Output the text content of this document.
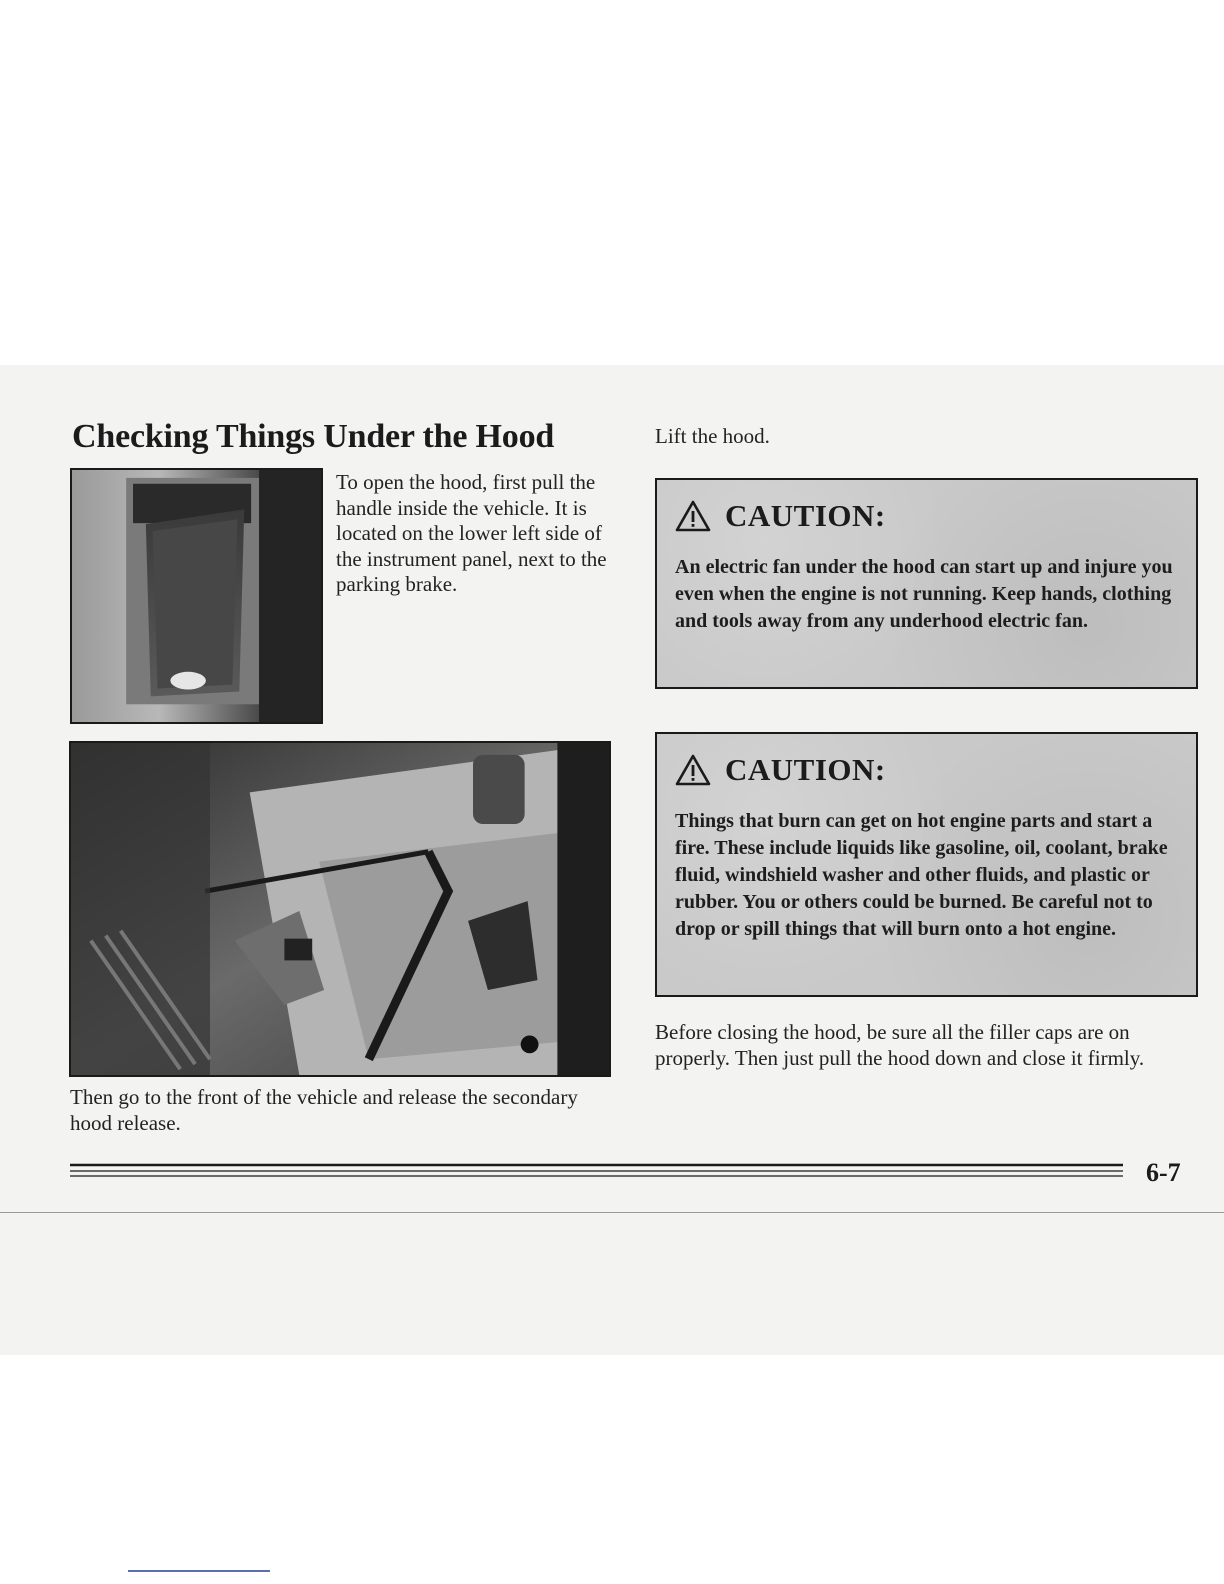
Checking Things Under the Hood
To open the hood, first pull the handle inside the vehicle. It is located on the lower left side of the instrument panel, next to the parking brake.
Then go to the front of the vehicle and release the secondary hood release.
Lift the hood.
CAUTION:
An electric fan under the hood can start up and injure you even when the engine is not running. Keep hands, clothing and tools away from any underhood electric fan.
CAUTION:
Things that burn can get on hot engine parts and start a fire. These include liquids like gasoline, oil, coolant, brake fluid, windshield washer and other fluids, and plastic or rubber. You or others could be burned. Be careful not to drop or spill things that will burn onto a hot engine.
Before closing the hood, be sure all the filler caps are on properly. Then just pull the hood down and close it firmly.
6-7
